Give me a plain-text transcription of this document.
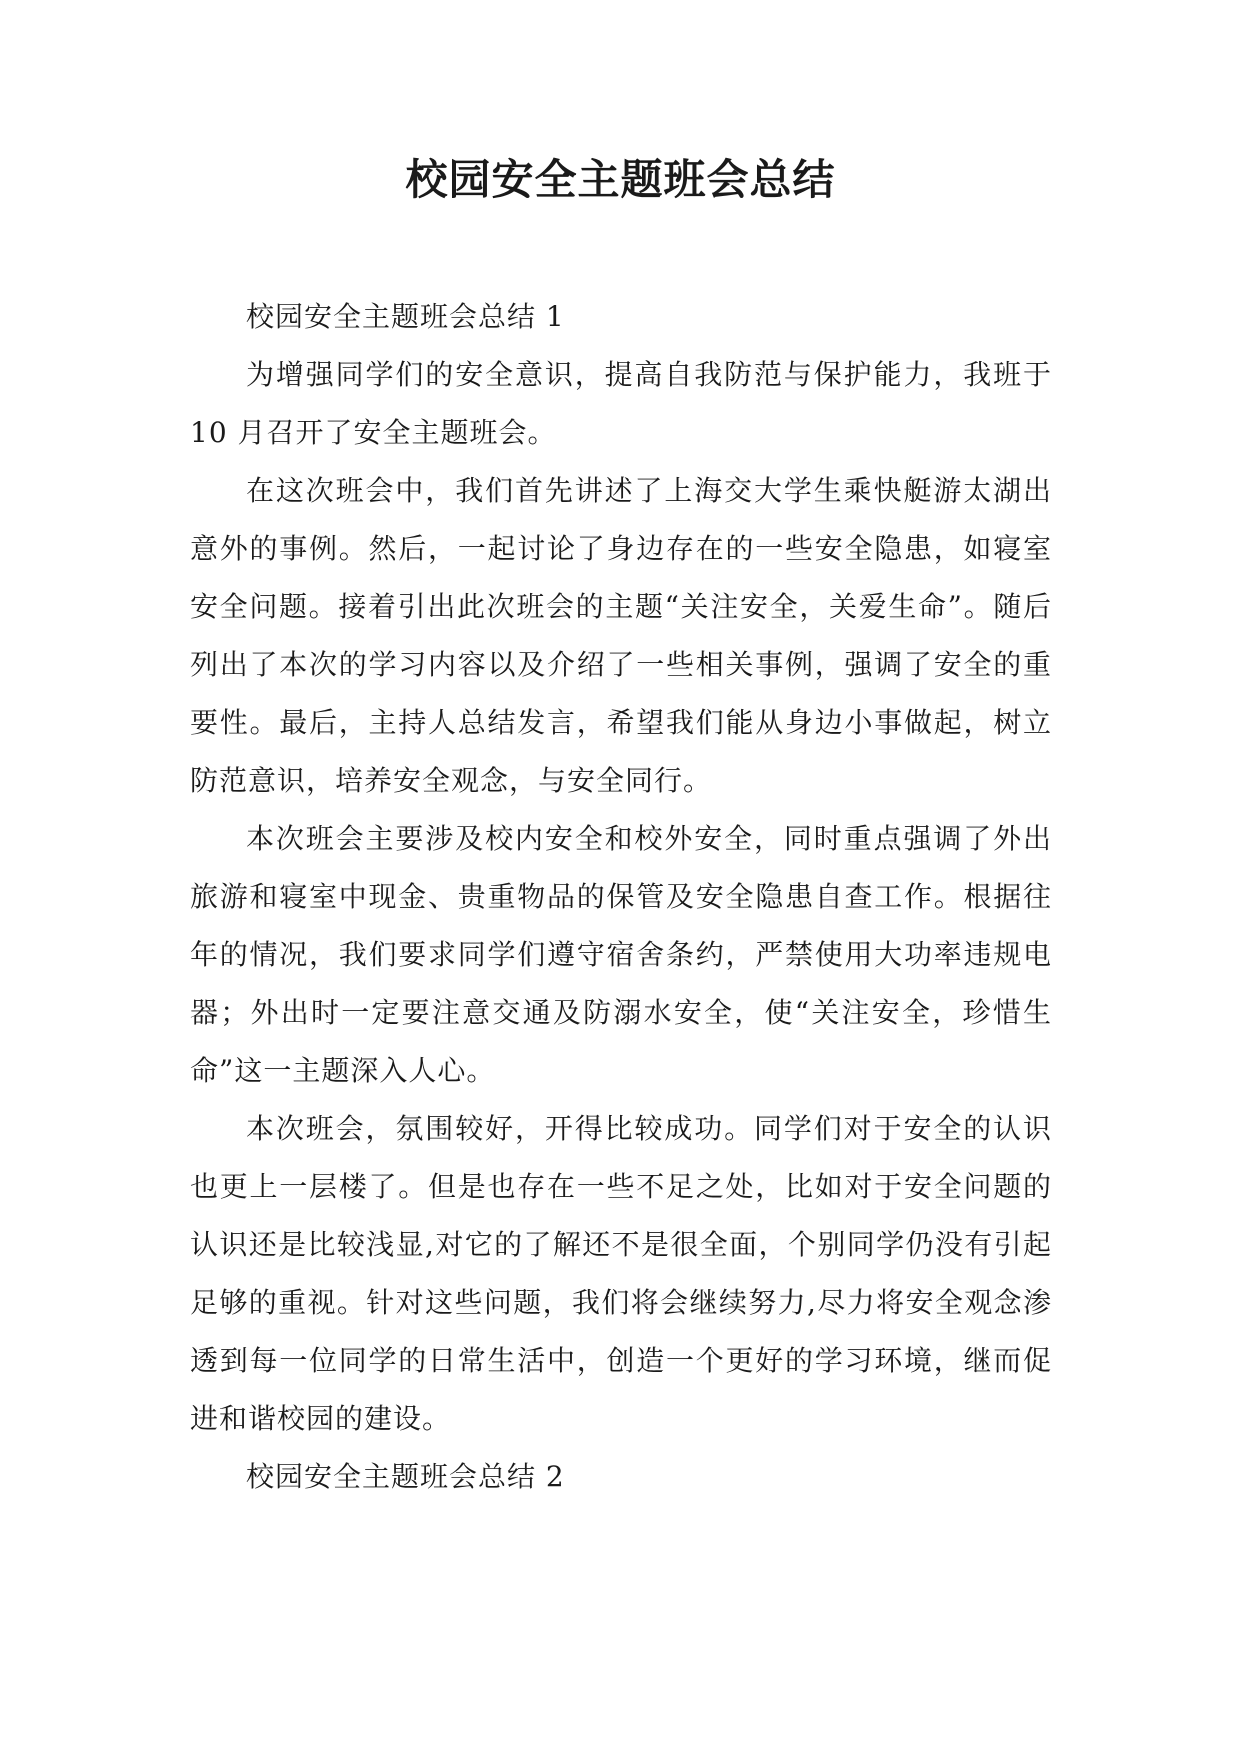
校园安全主题班会总结

校园安全主题班会总结 1

为增强同学们的安全意识，提高自我防范与保护能力，我班于 10 月召开了安全主题班会。

在这次班会中，我们首先讲述了上海交大学生乘快艇游太湖出意外的事例。然后，一起讨论了身边存在的一些安全隐患，如寝室安全问题。接着引出此次班会的主题“关注安全，关爱生命”。随后列出了本次的学习内容以及介绍了一些相关事例，强调了安全的重要性。最后，主持人总结发言，希望我们能从身边小事做起，树立防范意识，培养安全观念，与安全同行。

本次班会主要涉及校内安全和校外安全，同时重点强调了外出旅游和寝室中现金、贵重物品的保管及安全隐患自查工作。根据往年的情况，我们要求同学们遵守宿舍条约，严禁使用大功率违规电器；外出时一定要注意交通及防溺水安全，使“关注安全，珍惜生命”这一主题深入人心。

本次班会，氛围较好，开得比较成功。同学们对于安全的认识也更上一层楼了。但是也存在一些不足之处，比如对于安全问题的认识还是比较浅显,对它的了解还不是很全面，个别同学仍没有引起足够的重视。针对这些问题，我们将会继续努力,尽力将安全观念渗透到每一位同学的日常生活中，创造一个更好的学习环境，继而促进和谐校园的建设。

校园安全主题班会总结 2
